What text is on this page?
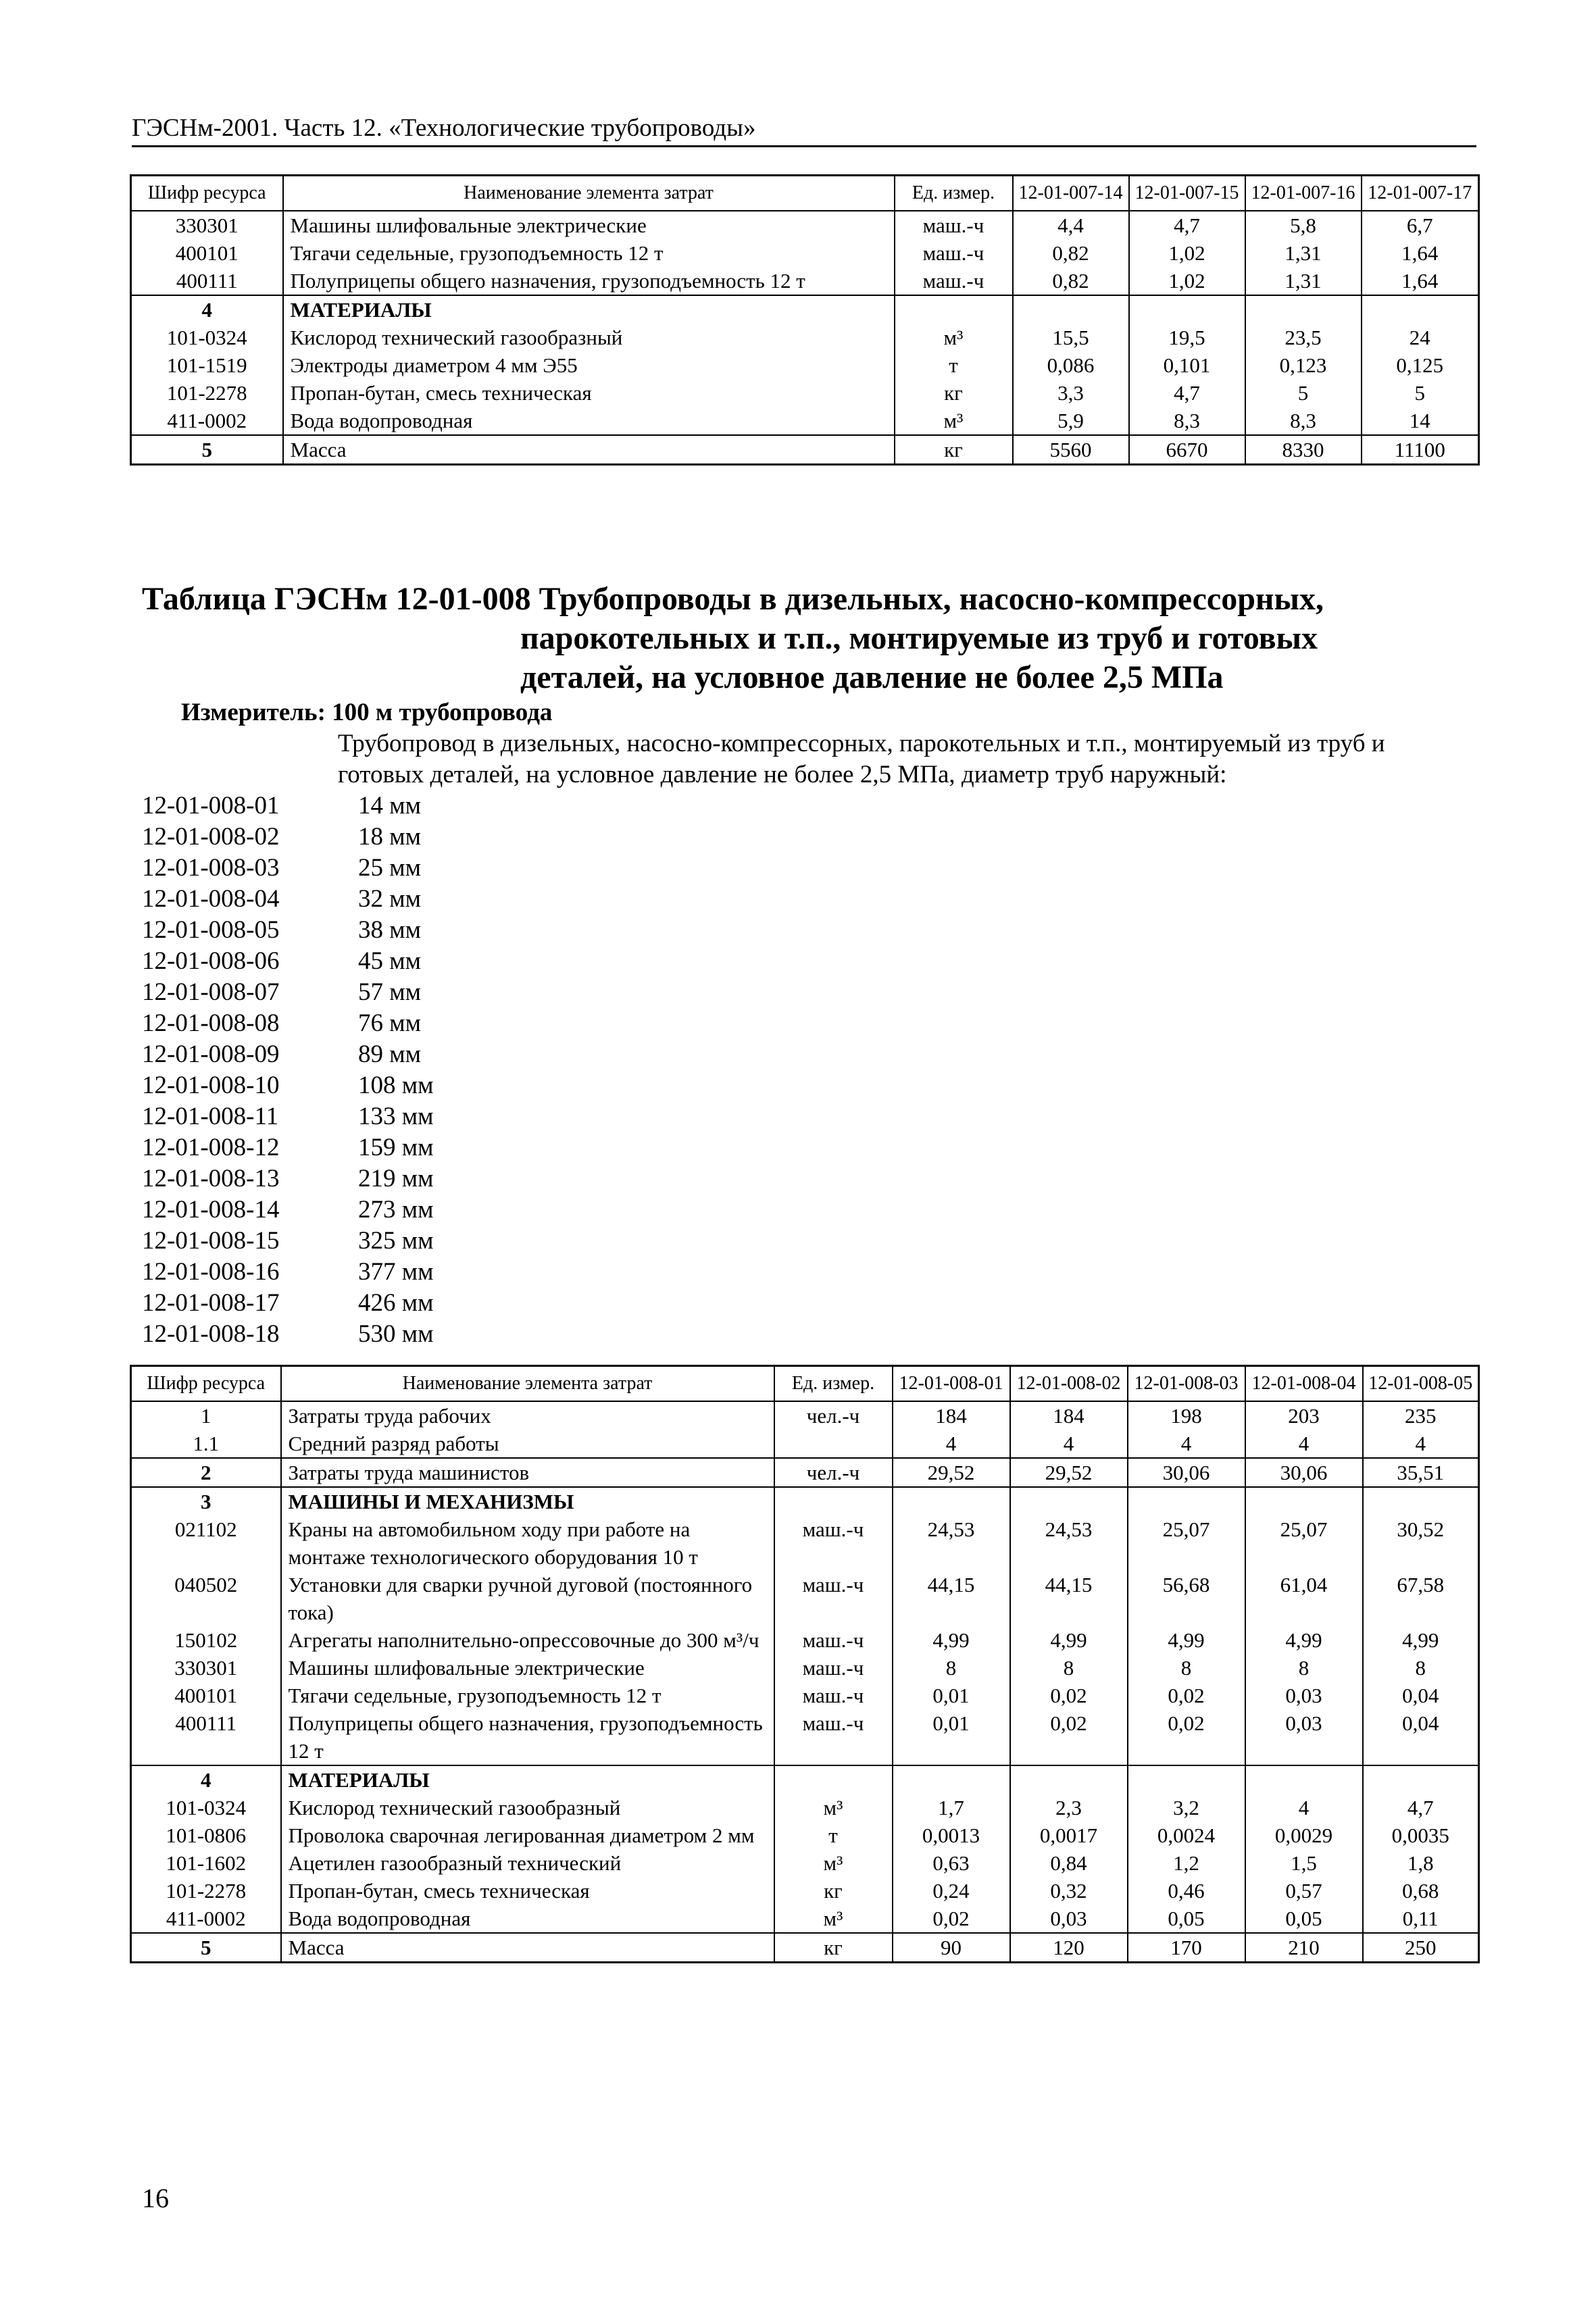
ГЭСНм-2001. Часть 12. «Технологические трубопроводы»
Шифр ресурса	Наименование элемента затрат	Ед. измер.	12-01-007-14	12-01-007-15	12-01-007-16	12-01-007-17
330301	Машины шлифовальные электрические	маш.-ч	4,4	4,7	5,8	6,7
400101	Тягачи седельные, грузоподъемность 12 т	маш.-ч	0,82	1,02	1,31	1,64
400111	Полуприцепы общего назначения, грузоподъемность 12 т	маш.-ч	0,82	1,02	1,31	1,64
4	МАТЕРИАЛЫ					
101-0324	Кислород технический газообразный	м³	15,5	19,5	23,5	24
101-1519	Электроды диаметром 4 мм Э55	т	0,086	0,101	0,123	0,125
101-2278	Пропан-бутан, смесь техническая	кг	3,3	4,7	5	5
411-0002	Вода водопроводная	м³	5,9	8,3	8,3	14
5	Масса	кг	5560	6670	8330	11100
Таблица ГЭСНм 12-01-008 Трубопроводы в дизельных, насосно-компрессорных,
парокотельных и т.п., монтируемые из труб и готовых
деталей, на условное давление не более 2,5 МПа
Измеритель: 100 м трубопровода
Трубопровод в дизельных, насосно-компрессорных, парокотельных и т.п., монтируемый из труб и готовых деталей, на условное давление не более 2,5 МПа, диаметр труб наружный:
12-01-008-01	14 мм
12-01-008-02	18 мм
12-01-008-03	25 мм
12-01-008-04	32 мм
12-01-008-05	38 мм
12-01-008-06	45 мм
12-01-008-07	57 мм
12-01-008-08	76 мм
12-01-008-09	89 мм
12-01-008-10	108 мм
12-01-008-11	133 мм
12-01-008-12	159 мм
12-01-008-13	219 мм
12-01-008-14	273 мм
12-01-008-15	325 мм
12-01-008-16	377 мм
12-01-008-17	426 мм
12-01-008-18	530 мм
Шифр ресурса	Наименование элемента затрат	Ед. измер.	12-01-008-01	12-01-008-02	12-01-008-03	12-01-008-04	12-01-008-05
1	Затраты труда рабочих	чел.-ч	184	184	198	203	235
1.1	Средний разряд работы		4	4	4	4	4
2	Затраты труда машинистов	чел.-ч	29,52	29,52	30,06	30,06	35,51
3	МАШИНЫ И МЕХАНИЗМЫ						
021102	Краны на автомобильном ходу при работе на монтаже технологического оборудования 10 т	маш.-ч	24,53	24,53	25,07	25,07	30,52
040502	Установки для сварки ручной дуговой (постоянного тока)	маш.-ч	44,15	44,15	56,68	61,04	67,58
150102	Агрегаты наполнительно-опрессовочные до 300 м³/ч	маш.-ч	4,99	4,99	4,99	4,99	4,99
330301	Машины шлифовальные электрические	маш.-ч	8	8	8	8	8
400101	Тягачи седельные, грузоподъемность 12 т	маш.-ч	0,01	0,02	0,02	0,03	0,04
400111	Полуприцепы общего назначения, грузоподъемность 12 т	маш.-ч	0,01	0,02	0,02	0,03	0,04
4	МАТЕРИАЛЫ						
101-0324	Кислород технический газообразный	м³	1,7	2,3	3,2	4	4,7
101-0806	Проволока сварочная легированная диаметром 2 мм	т	0,0013	0,0017	0,0024	0,0029	0,0035
101-1602	Ацетилен газообразный технический	м³	0,63	0,84	1,2	1,5	1,8
101-2278	Пропан-бутан, смесь техническая	кг	0,24	0,32	0,46	0,57	0,68
411-0002	Вода водопроводная	м³	0,02	0,03	0,05	0,05	0,11
5	Масса	кг	90	120	170	210	250
16
